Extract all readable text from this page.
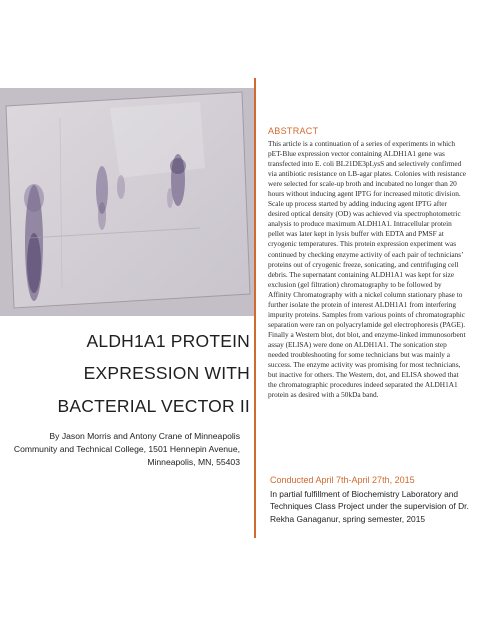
ALDH1A1 PROTEIN
EXPRESSION WITH
BACTERIAL VECTOR II
By Jason Morris and Antony Crane of Minneapolis Community and Technical College, 1501 Hennepin Avenue, Minneapolis, MN, 55403
ABSTRACT
This article is a continuation of a series of experiments in which pET-Blue expression vector containing ALDH1A1 gene was transfected into E. coli BL21DE3pLysS and selectively confirmed via antibiotic resistance on LB-agar plates. Colonies with resistance were selected for scale-up broth and incubated no longer than 20 hours without inducing agent IPTG for increased mitotic division. Scale up process started by adding inducing agent IPTG after desired optical density (OD) was achieved via spectrophotometric analysis to produce maximum ALDH1A1. Intracellular protein pellet was later kept in lysis buffer with EDTA and PMSF at cryogenic temperatures. This protein expression experiment was continued by checking enzyme activity of each pair of technicians’ proteins out of cryogenic freeze, sonicating, and centrifuging cell debris. The supernatant containing ALDH1A1 was kept for size exclusion (gel filtration) chromatography to be followed by Affinity Chromatography with a nickel column stationary phase to further isolate the protein of interest ALDH1A1 from interfering impurity proteins. Samples from various points of chromatographic separation were ran on polyacrylamide gel electrophoresis (PAGE). Finally a Western blot, dot blot, and enzyme-linked immunosorbent assay (ELISA) were done on ALDH1A1. The sonication step needed troubleshooting for some technicians but was mainly a success. The enzyme activity was promising for most technicians, but inactive for others. The Western, dot, and ELISA showed that the chromatographic procedures indeed separated the ALDH1A1 protein as desired with a 50kDa band.
Conducted April 7th-April 27th, 2015
In partial fulfillment of Biochemistry Laboratory and Techniques Class Project under the supervision of Dr. Rekha Ganaganur, spring semester, 2015
